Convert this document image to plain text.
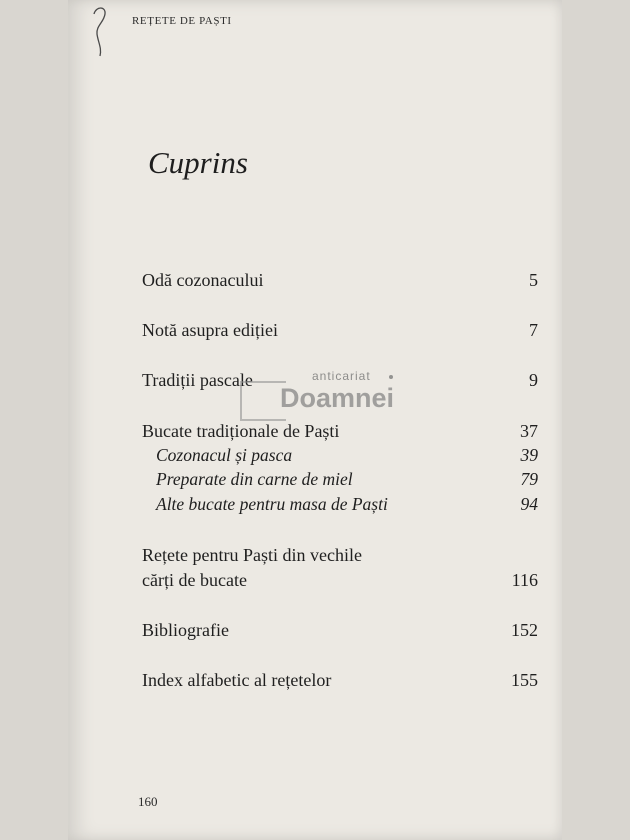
REȚETE DE PAȘTI
Cuprins
Odă cozonacului	5
Notă asupra ediției	7
Tradiții pascale	9
Bucate tradiționale de Paști	37
Cozonacul și pasca	39
Preparate din carne de miel	79
Alte bucate pentru masa de Paști	94
Rețete pentru Paști din vechile
cărți de bucate	116
Bibliografie	152
Index alfabetic al rețetelor	155
anticariat
Doamnei
160
